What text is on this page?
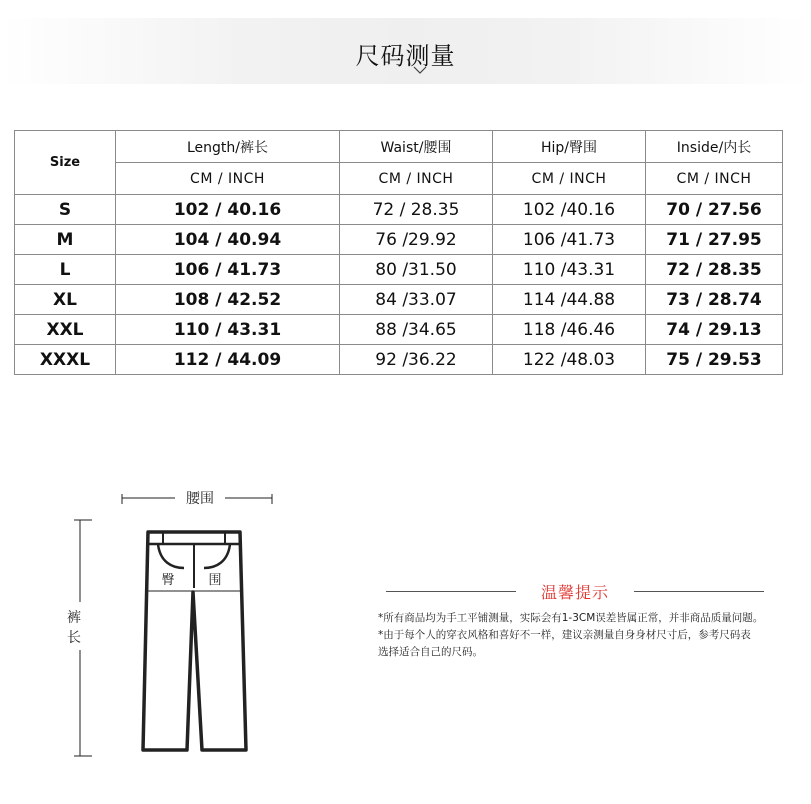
尺码测量
Size	Length/裤长	Waist/腰围	Hip/臀围	Inside/内长
	CM / INCH	CM / INCH	CM / INCH	CM / INCH
S	102 / 40.16	72 / 28.35	102 /40.16	70 / 27.56
M	104 / 40.94	76 /29.92	106 /41.73	71 / 27.95
L	106 / 41.73	80 /31.50	110 /43.31	72 / 28.35
XL	108 / 42.52	84 /33.07	114 /44.88	73 / 28.74
XXL	110 / 43.31	88 /34.65	118 /46.46	74 / 29.13
XXXL	112 / 44.09	92 /36.22	122 /48.03	75 / 29.53
腰围
臀	围
裤
长
温馨提示

*所有商品均为手工平铺测量，实际会有1-3CM误差皆属正常，并非商品质量问题。

*由于每个人的穿衣风格和喜好不一样，建议亲测量自身身材尺寸后，参考尺码表

选择适合自己的尺码。
